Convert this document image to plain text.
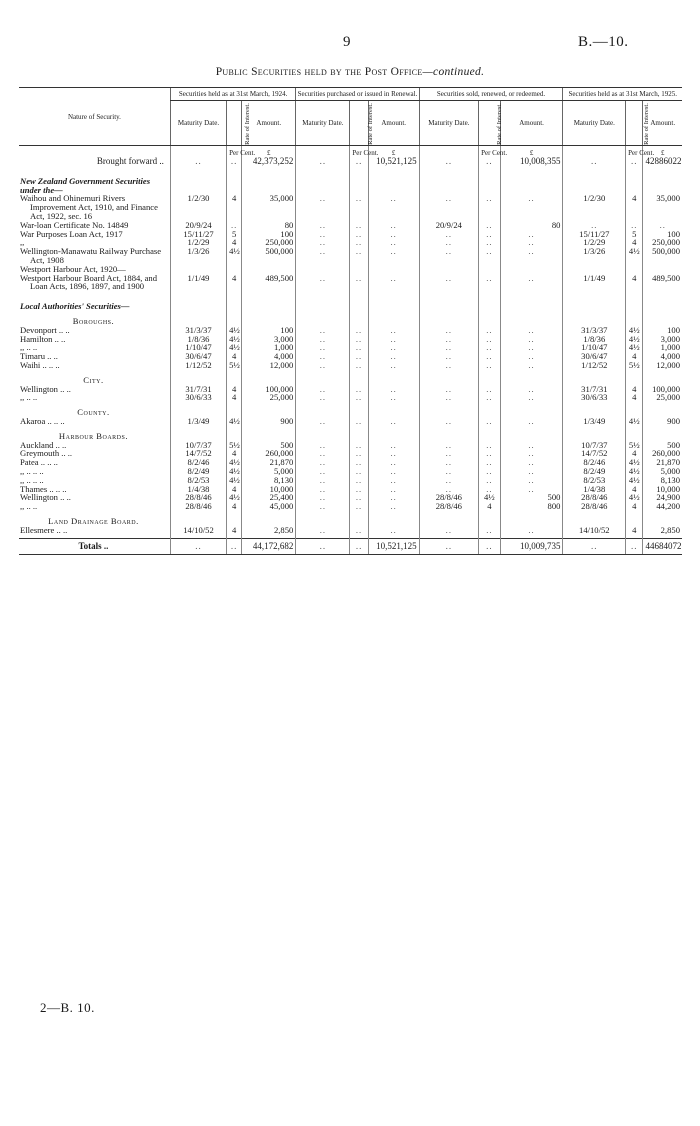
9	B.—10.
Public Securities held by the Post Office—continued.
Nature of Security.	Securities held as at 31st March, 1924.			Securities purchased or issued in Renewal.			Securities sold, renewed, or redeemed.			Securities held as at 31st March, 1925.		
	Maturity Date.	Rate of Interest.	Amount.	Maturity Date.	Rate of Interest.	Amount.	Maturity Date.	Rate of Interest.	Amount.	Maturity Date.	Rate of Interest.	Amount.
		Per Cent.	£		Per Cent.	£		Per Cent.	£		Per Cent.	£
Brought forward ..	..	..	42,373,252	..	..	10,521,125	..	..	10,008,355	..	..	42886022
New Zealand Government Securities under the—												

Waihou and Ohinemuri Rivers Improvement Act, 1910, and Finance Act, 1922, sec. 16	1/2/30	4	35,000	..	..	..	..	..	..	1/2/30	4	35,000

War-loan Certificate No. 14849	20/9/24	..	80	..	..	..	20/9/24	..	80	..	..	..

War Purposes Loan Act, 1917	15/11/27	5	100	..	..	..	..	..	..	15/11/27	5	100

,,	1/2/29	4	250,000	..	..	..	..	..	..	1/2/29	4	250,000

Wellington-Manawatu Railway Purchase Act, 1908	1/3/26	4½	500,000	..	..	..	..	..	..	1/3/26	4½	500,000

Westport Harbour Act, 1920—												

Westport Harbour Board Act, 1884, and Loan Acts, 1896, 1897, and 1900	1/1/49	4	489,500	..	..	..	..	..	..	1/1/49	4	489,500

Local Authorities' Securities—												
Boroughs.												

Devonport .. ..	31/3/37	4½	100	..	..	..	..	..	..	31/3/37	4½	100

Hamilton .. ..	1/8/36	4½	3,000	..	..	..	..	..	..	1/8/36	4½	3,000

,, .. ..	1/10/47	4½	1,000	..	..	..	..	..	..	1/10/47	4½	1,000

Timaru .. ..	30/6/47	4	4,000	..	..	..	..	..	..	30/6/47	4	4,000

Waihi .. .. ..	1/12/52	5½	12,000	..	..	..	..	..	..	1/12/52	5½	12,000
City.												

Wellington .. ..	31/7/31	4	100,000	..	..	..	..	..	..	31/7/31	4	100,000

,, .. ..	30/6/33	4	25,000	..	..	..	..	..	..	30/6/33	4	25,000
County.												

Akaroa .. .. ..	1/3/49	4½	900	..	..	..	..	..	..	1/3/49	4½	900
Harbour Boards.												

Auckland .. ..	10/7/37	5½	500	..	..	..	..	..	..	10/7/37	5½	500

Greymouth .. ..	14/7/52	4	260,000	..	..	..	..	..	..	14/7/52	4	260,000

Patea .. .. ..	8/2/46	4½	21,870	..	..	..	..	..	..	8/2/46	4½	21,870

,, .. .. ..	8/2/49	4½	5,000	..	..	..	..	..	..	8/2/49	4½	5,000

,, .. .. ..	8/2/53	4½	8,130	..	..	..	..	..	..	8/2/53	4½	8,130

Thames .. .. ..	1/4/38	4	10,000	..	..	..	..	..	..	1/4/38	4	10,000

Wellington .. ..	28/8/46	4½	25,400	..	..	..	28/8/46	4½	500	28/8/46	4½	24,900

,, .. ..	28/8/46	4	45,000	..	..	..	28/8/46	4	800	28/8/46	4	44,200
Land Drainage Board.												

Ellesmere .. ..	14/10/52	4	2,850	..	..	..	..	..	..	14/10/52	4	2,850

Totals ..	..	..	44,172,682	..	..	10,521,125	..	..	10,009,735	..	..	44684072
2—B. 10.
